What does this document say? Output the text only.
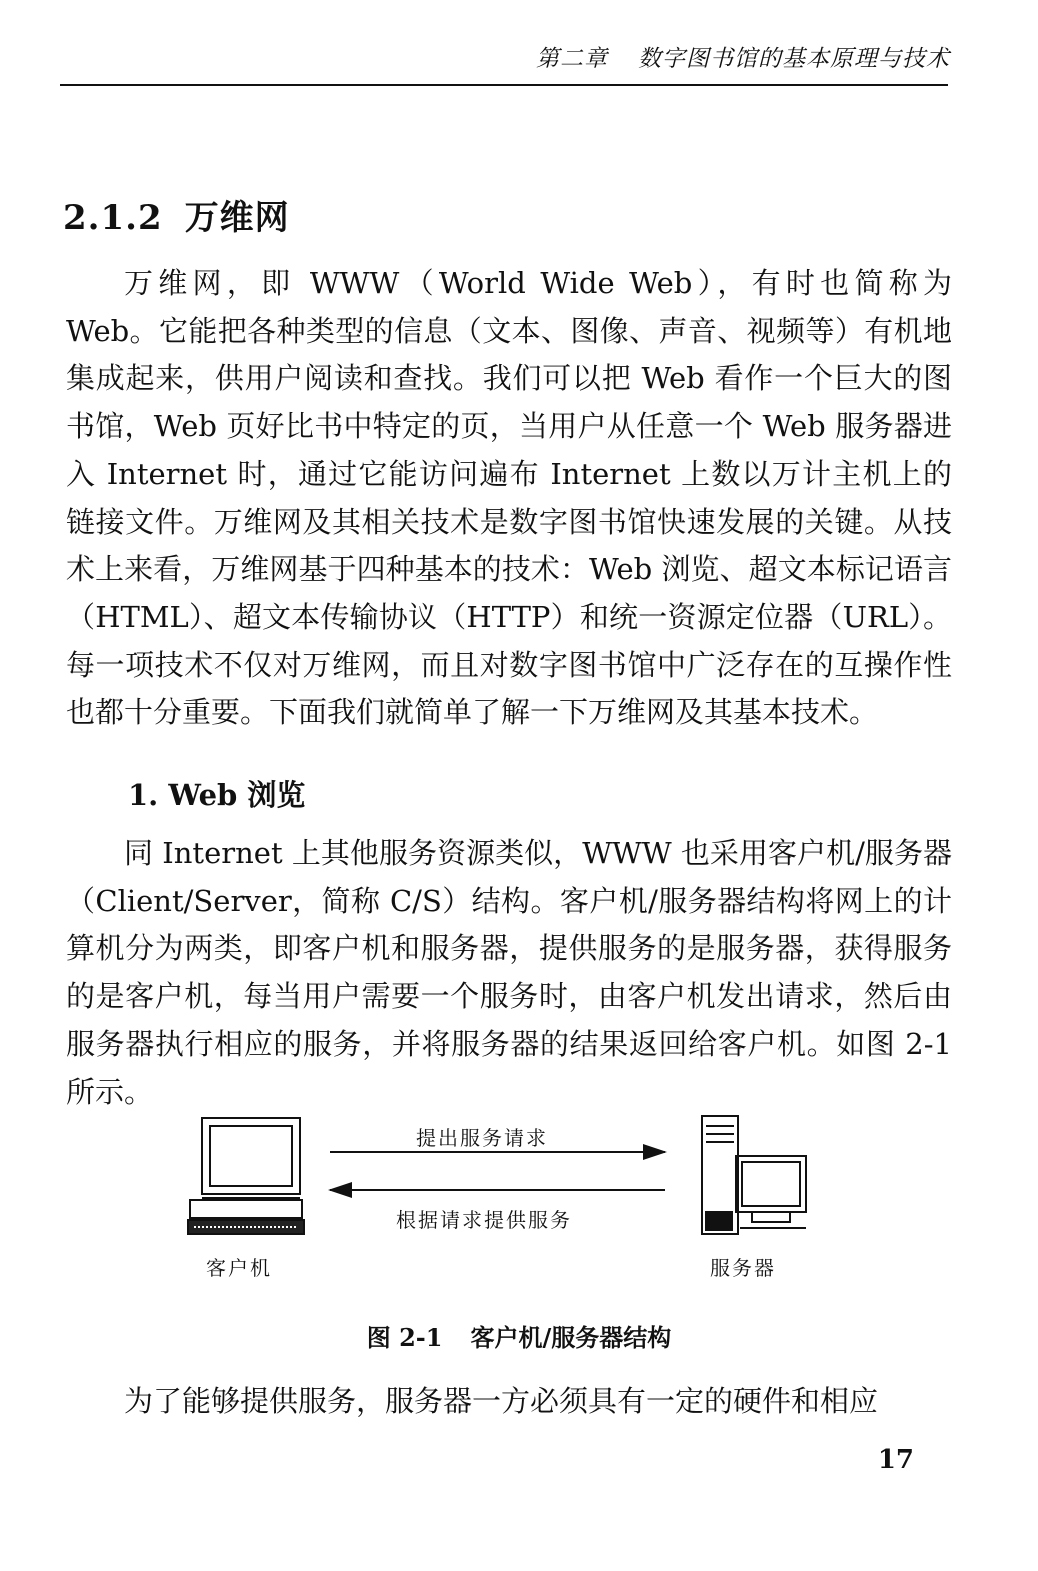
第二章 数字图书馆的基本原理与技术
2.1.2 万维网

万维网，即 WWW（World Wide Web），有时也简称为 Web。它能把各种类型的信息（文本、图像、声音、视频等）有机地集成起来，供用户阅读和查找。我们可以把 Web 看作一个巨大的图书馆，Web 页好比书中特定的页，当用户从任意一个 Web 服务器进入 Internet 时，通过它能访问遍布 Internet 上数以万计主机上的链接文件。万维网及其相关技术是数字图书馆快速发展的关键。从技术上来看，万维网基于四种基本的技术：Web 浏览、超文本标记语言（HTML）、超文本传输协议（HTTP）和统一资源定位器（URL）。每一项技术不仅对万维网，而且对数字图书馆中广泛存在的互操作性也都十分重要。下面我们就简单了解一下万维网及其基本技术。

1. Web 浏览

同 Internet 上其他服务资源类似，WWW 也采用客户机/服务器（Client/Server，简称 C/S）结构。客户机/服务器结构将网上的计算机分为两类，即客户机和服务器，提供服务的是服务器，获得服务的是客户机，每当用户需要一个服务时，由客户机发出请求，然后由服务器执行相应的服务，并将服务器的结果返回给客户机。如图 2-1 所示。

提出服务请求
根据请求提供服务
客户机	服务器
图 2-1 客户机/服务器结构

为了能够提供服务，服务器一方必须具有一定的硬件和相应

17
